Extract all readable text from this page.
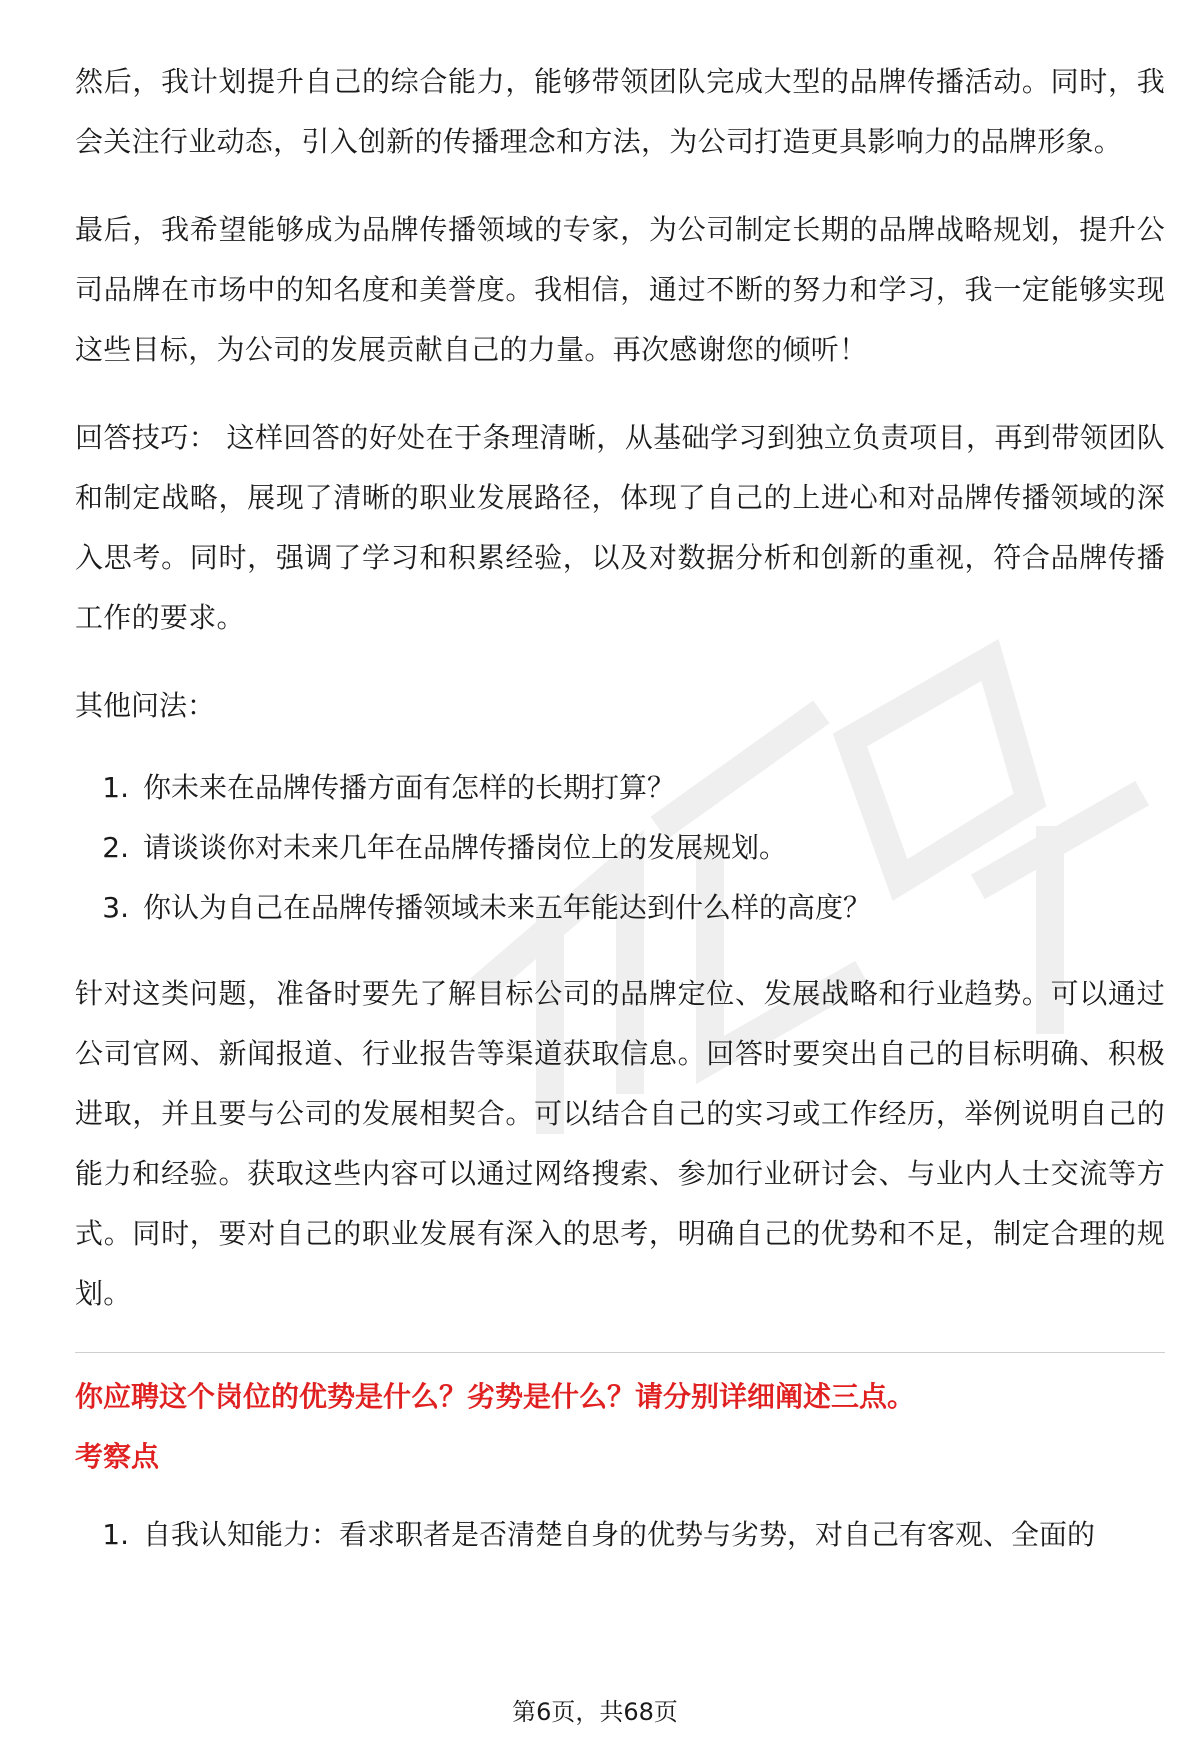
然后，我计划提升自己的综合能力，能够带领团队完成大型的品牌传播活动。同时，我会关注行业动态，引入创新的传播理念和方法，为公司打造更具影响力的品牌形象。

最后，我希望能够成为品牌传播领域的专家，为公司制定长期的品牌战略规划，提升公司品牌在市场中的知名度和美誉度。我相信，通过不断的努力和学习，我一定能够实现这些目标，为公司的发展贡献自己的力量。再次感谢您的倾听！

回答技巧： 这样回答的好处在于条理清晰，从基础学习到独立负责项目，再到带领团队和制定战略，展现了清晰的职业发展路径，体现了自己的上进心和对品牌传播领域的深入思考。同时，强调了学习和积累经验，以及对数据分析和创新的重视，符合品牌传播工作的要求。

其他问法：

1. 你未来在品牌传播方面有怎样的长期打算？
2. 请谈谈你对未来几年在品牌传播岗位上的发展规划。
3. 你认为自己在品牌传播领域未来五年能达到什么样的高度？

针对这类问题，准备时要先了解目标公司的品牌定位、发展战略和行业趋势。可以通过公司官网、新闻报道、行业报告等渠道获取信息。回答时要突出自己的目标明确、积极进取，并且要与公司的发展相契合。可以结合自己的实习或工作经历，举例说明自己的能力和经验。获取这些内容可以通过网络搜索、参加行业研讨会、与业内人士交流等方式。同时，要对自己的职业发展有深入的思考，明确自己的优势和不足，制定合理的规划。

你应聘这个岗位的优势是什么？劣势是什么？请分别详细阐述三点。

考察点

1. 自我认知能力：看求职者是否清楚自身的优势与劣势，对自己有客观、全面的
第6页，共68页
